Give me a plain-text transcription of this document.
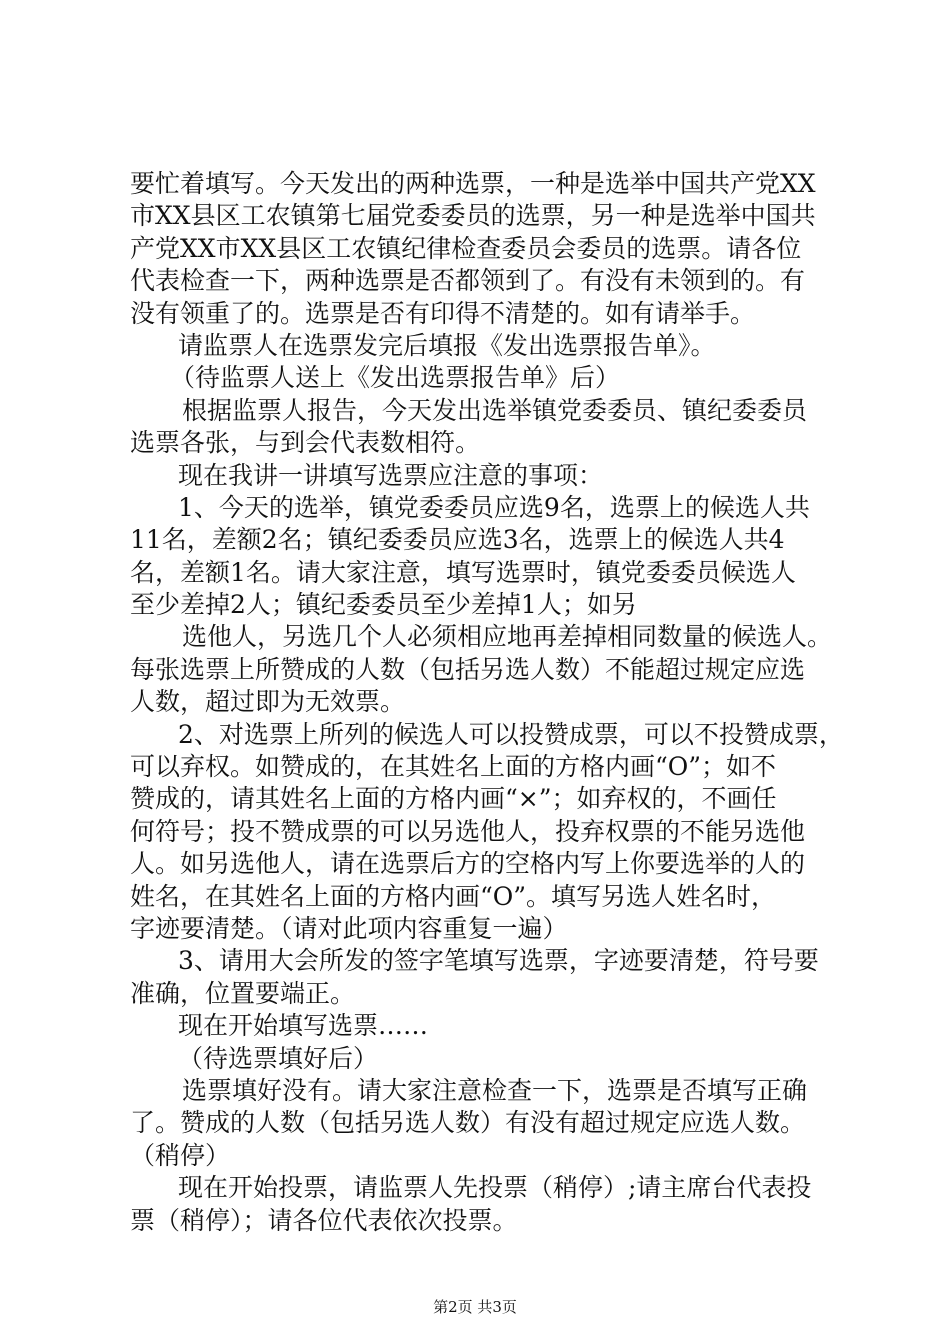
要忙着填写。今天发出的两种选票，一种是选举中国共产党XX
市XX县区工农镇第七届党委委员的选票，另一种是选举中国共
产党XX市XX县区工农镇纪律检查委员会委员的选票。请各位
代表检查一下，两种选票是否都领到了。有没有未领到的。有
没有领重了的。选票是否有印得不清楚的。如有请举手。
请监票人在选票发完后填报《发出选票报告单》。
（待监票人送上《发出选票报告单》后）
根据监票人报告，今天发出选举镇党委委员、镇纪委委员
选票各张，与到会代表数相符。
现在我讲一讲填写选票应注意的事项：
1、今天的选举，镇党委委员应选9名，选票上的候选人共
11名，差额2名；镇纪委委员应选3名，选票上的候选人共4
名，差额1名。请大家注意，填写选票时，镇党委委员候选人
至少差掉2人；镇纪委委员至少差掉1人；如另
选他人，另选几个人必须相应地再差掉相同数量的候选人。
每张选票上所赞成的人数（包括另选人数）不能超过规定应选
人数，超过即为无效票。
2、对选票上所列的候选人可以投赞成票，可以不投赞成票，
可以弃权。如赞成的，在其姓名上面的方格内画“O”；如不
赞成的，请其姓名上面的方格内画“×”；如弃权的，不画任
何符号；投不赞成票的可以另选他人，投弃权票的不能另选他
人。如另选他人，请在选票后方的空格内写上你要选举的人的
姓名，在其姓名上面的方格内画“O”。填写另选人姓名时，
字迹要清楚。（请对此项内容重复一遍）
3、请用大会所发的签字笔填写选票，字迹要清楚，符号要
准确，位置要端正。
现在开始填写选票……
（待选票填好后）
选票填好没有。请大家注意检查一下，选票是否填写正确
了。赞成的人数（包括另选人数）有没有超过规定应选人数。
（稍停）
现在开始投票，请监票人先投票（稍停）;请主席台代表投
票（稍停）；请各位代表依次投票。
第2页 共3页
